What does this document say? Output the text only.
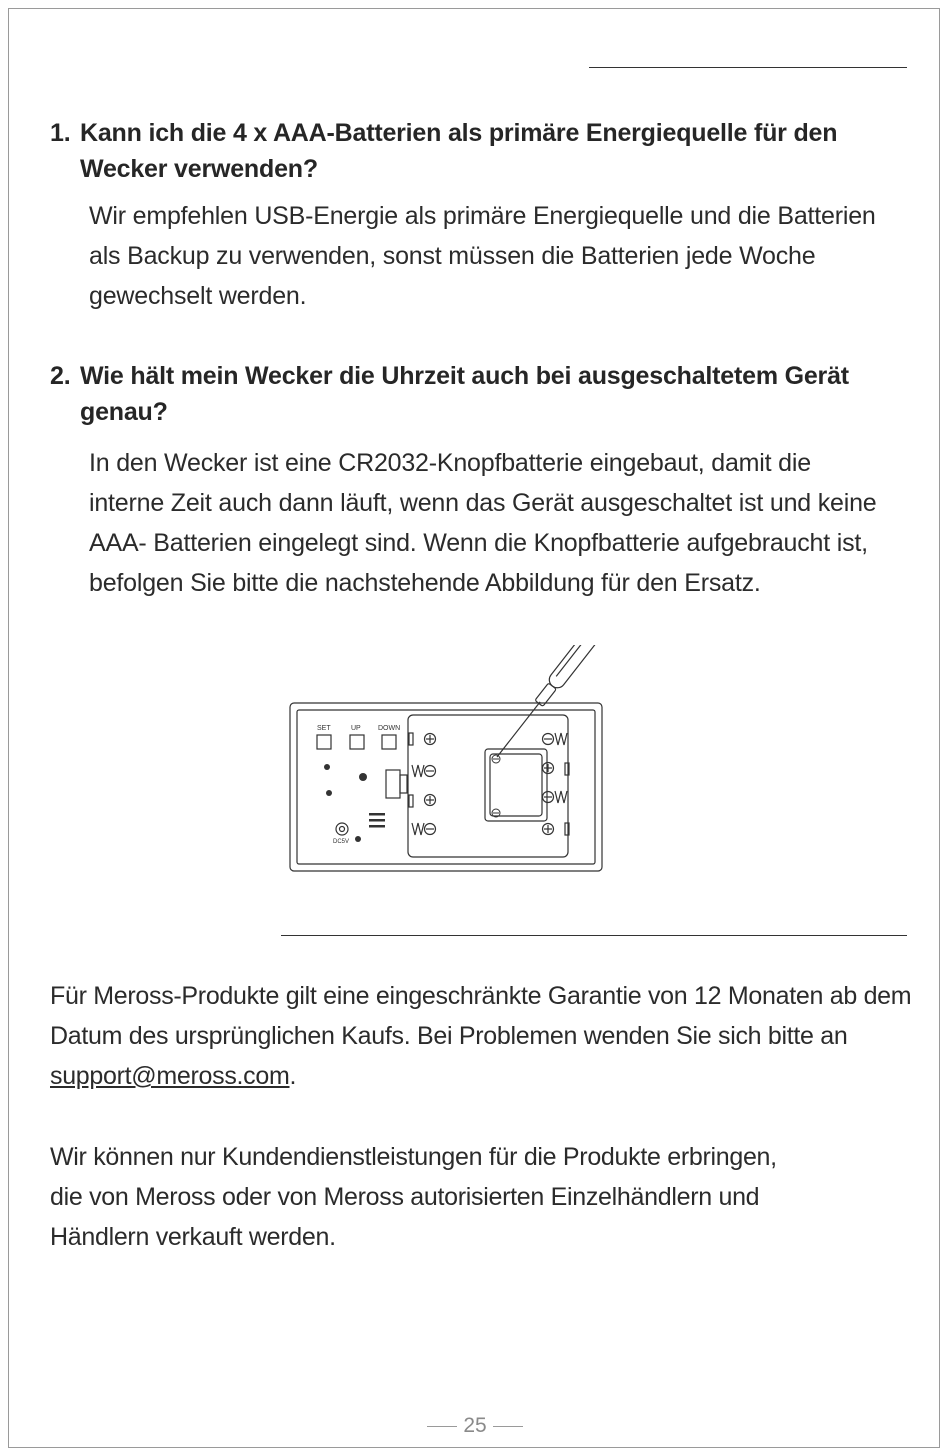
1. Kann ich die 4 x AAA-Batterien als primäre Energiequelle für den Wecker verwenden?
Wir empfehlen USB-Energie als primäre Energiequelle und die Batterien als Backup zu verwenden, sonst müssen die Batterien jede Woche gewechselt werden.
2. Wie hält mein Wecker die Uhrzeit auch bei ausgeschaltetem Gerät genau?
In den Wecker ist eine CR2032-Knopfbatterie eingebaut, damit die interne Zeit auch dann läuft, wenn das Gerät ausgeschaltet ist und keine AAA- Batterien eingelegt sind. Wenn die Knopfbatterie aufgebraucht ist, befolgen Sie bitte die nachstehende Abbildung für den Ersatz.
SET	UP DOWN
DC5V
Für Meross-Produkte gilt eine eingeschränkte Garantie von 12 Monaten ab dem Datum des ursprünglichen Kaufs. Bei Problemen wenden Sie sich bitte an support@meross.com.
Wir können nur Kundendienstleistungen für die Produkte erbringen, die von Meross oder von Meross autorisierten Einzelhändlern und Händlern verkauft werden.
25
